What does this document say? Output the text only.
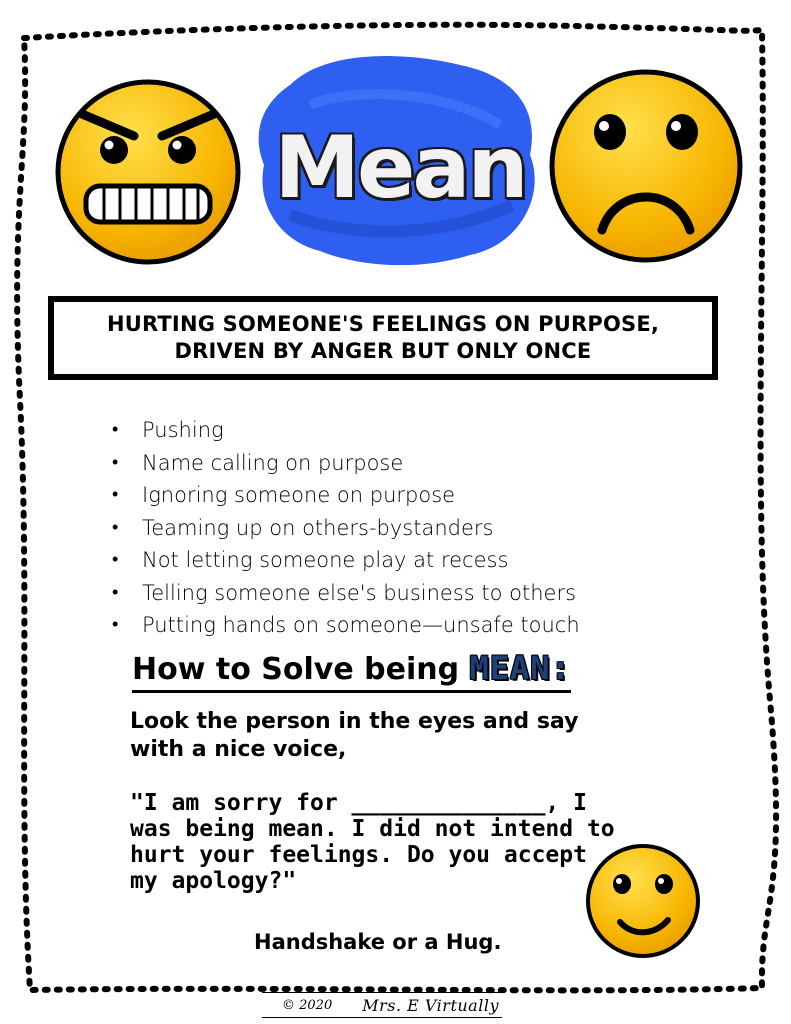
Mean
HURTING SOMEONE'S FEELINGS ON PURPOSE,
DRIVEN BY ANGER BUT ONLY ONCE
• Pushing
• Name calling on purpose
• Ignoring someone on purpose
• Teaming up on others-bystanders
• Not letting someone play at recess
• Telling someone else's business to others
• Putting hands on someone—unsafe touch
How to Solve being MEAN:
Look the person in the eyes and say
with a nice voice,
"I am sorry for ______________, I
was being mean. I did not intend to
hurt your feelings. Do you accept
my apology?"
Handshake or a Hug.
© 2020 Mrs. E Virtually
